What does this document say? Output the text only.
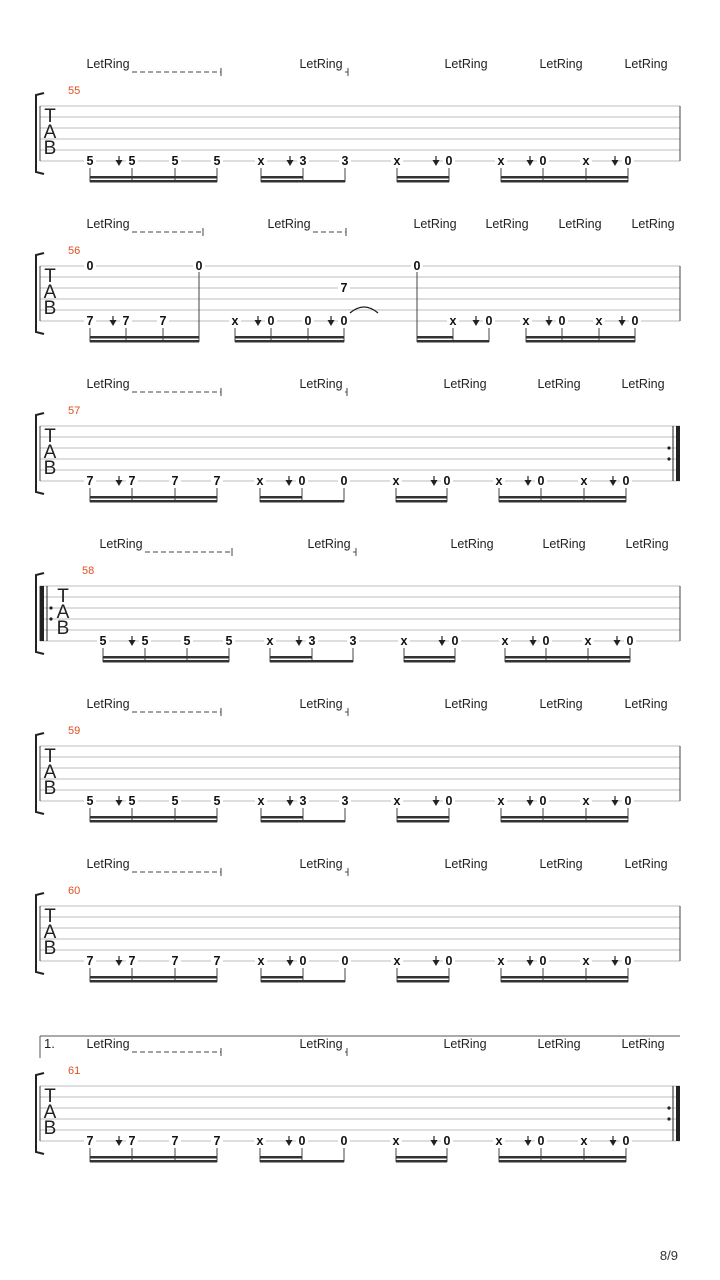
LetRing	LetRing	LetRing	LetRing	LetRing
55
T
A
B
5	5	5	5	x	3	3	x	0	x	0	x	0
LetRing	LetRing	LetRing LetRing LetRing LetRing
56
T
A
B
7
0
7 7
0
x 0 0 0
7
0
x 0 x 0 x 0
LetRing	LetRing	LetRing	LetRing	LetRing
57
T
A
B
7	7	7	7	x	0	0	x	0	x	0	x	0
LetRing	LetRing	LetRing	LetRing	LetRing
58
T
A
B
5	5	5	5	x	3	3	x	0	x	0	x	0
LetRing	LetRing	LetRing	LetRing	LetRing
59
T
A
B
5	5	5	5	x	3	3	x	0	x	0	x	0
LetRing	LetRing	LetRing	LetRing	LetRing
60
T
A
B
7	7	7	7	x	0	0	x	0	x	0	x	0
LetRing	LetRing	LetRing	LetRing	LetRing
1.
61
T
A
B
7	7	7	7	x	0	0	x	0	x	0	x	0
8/9
